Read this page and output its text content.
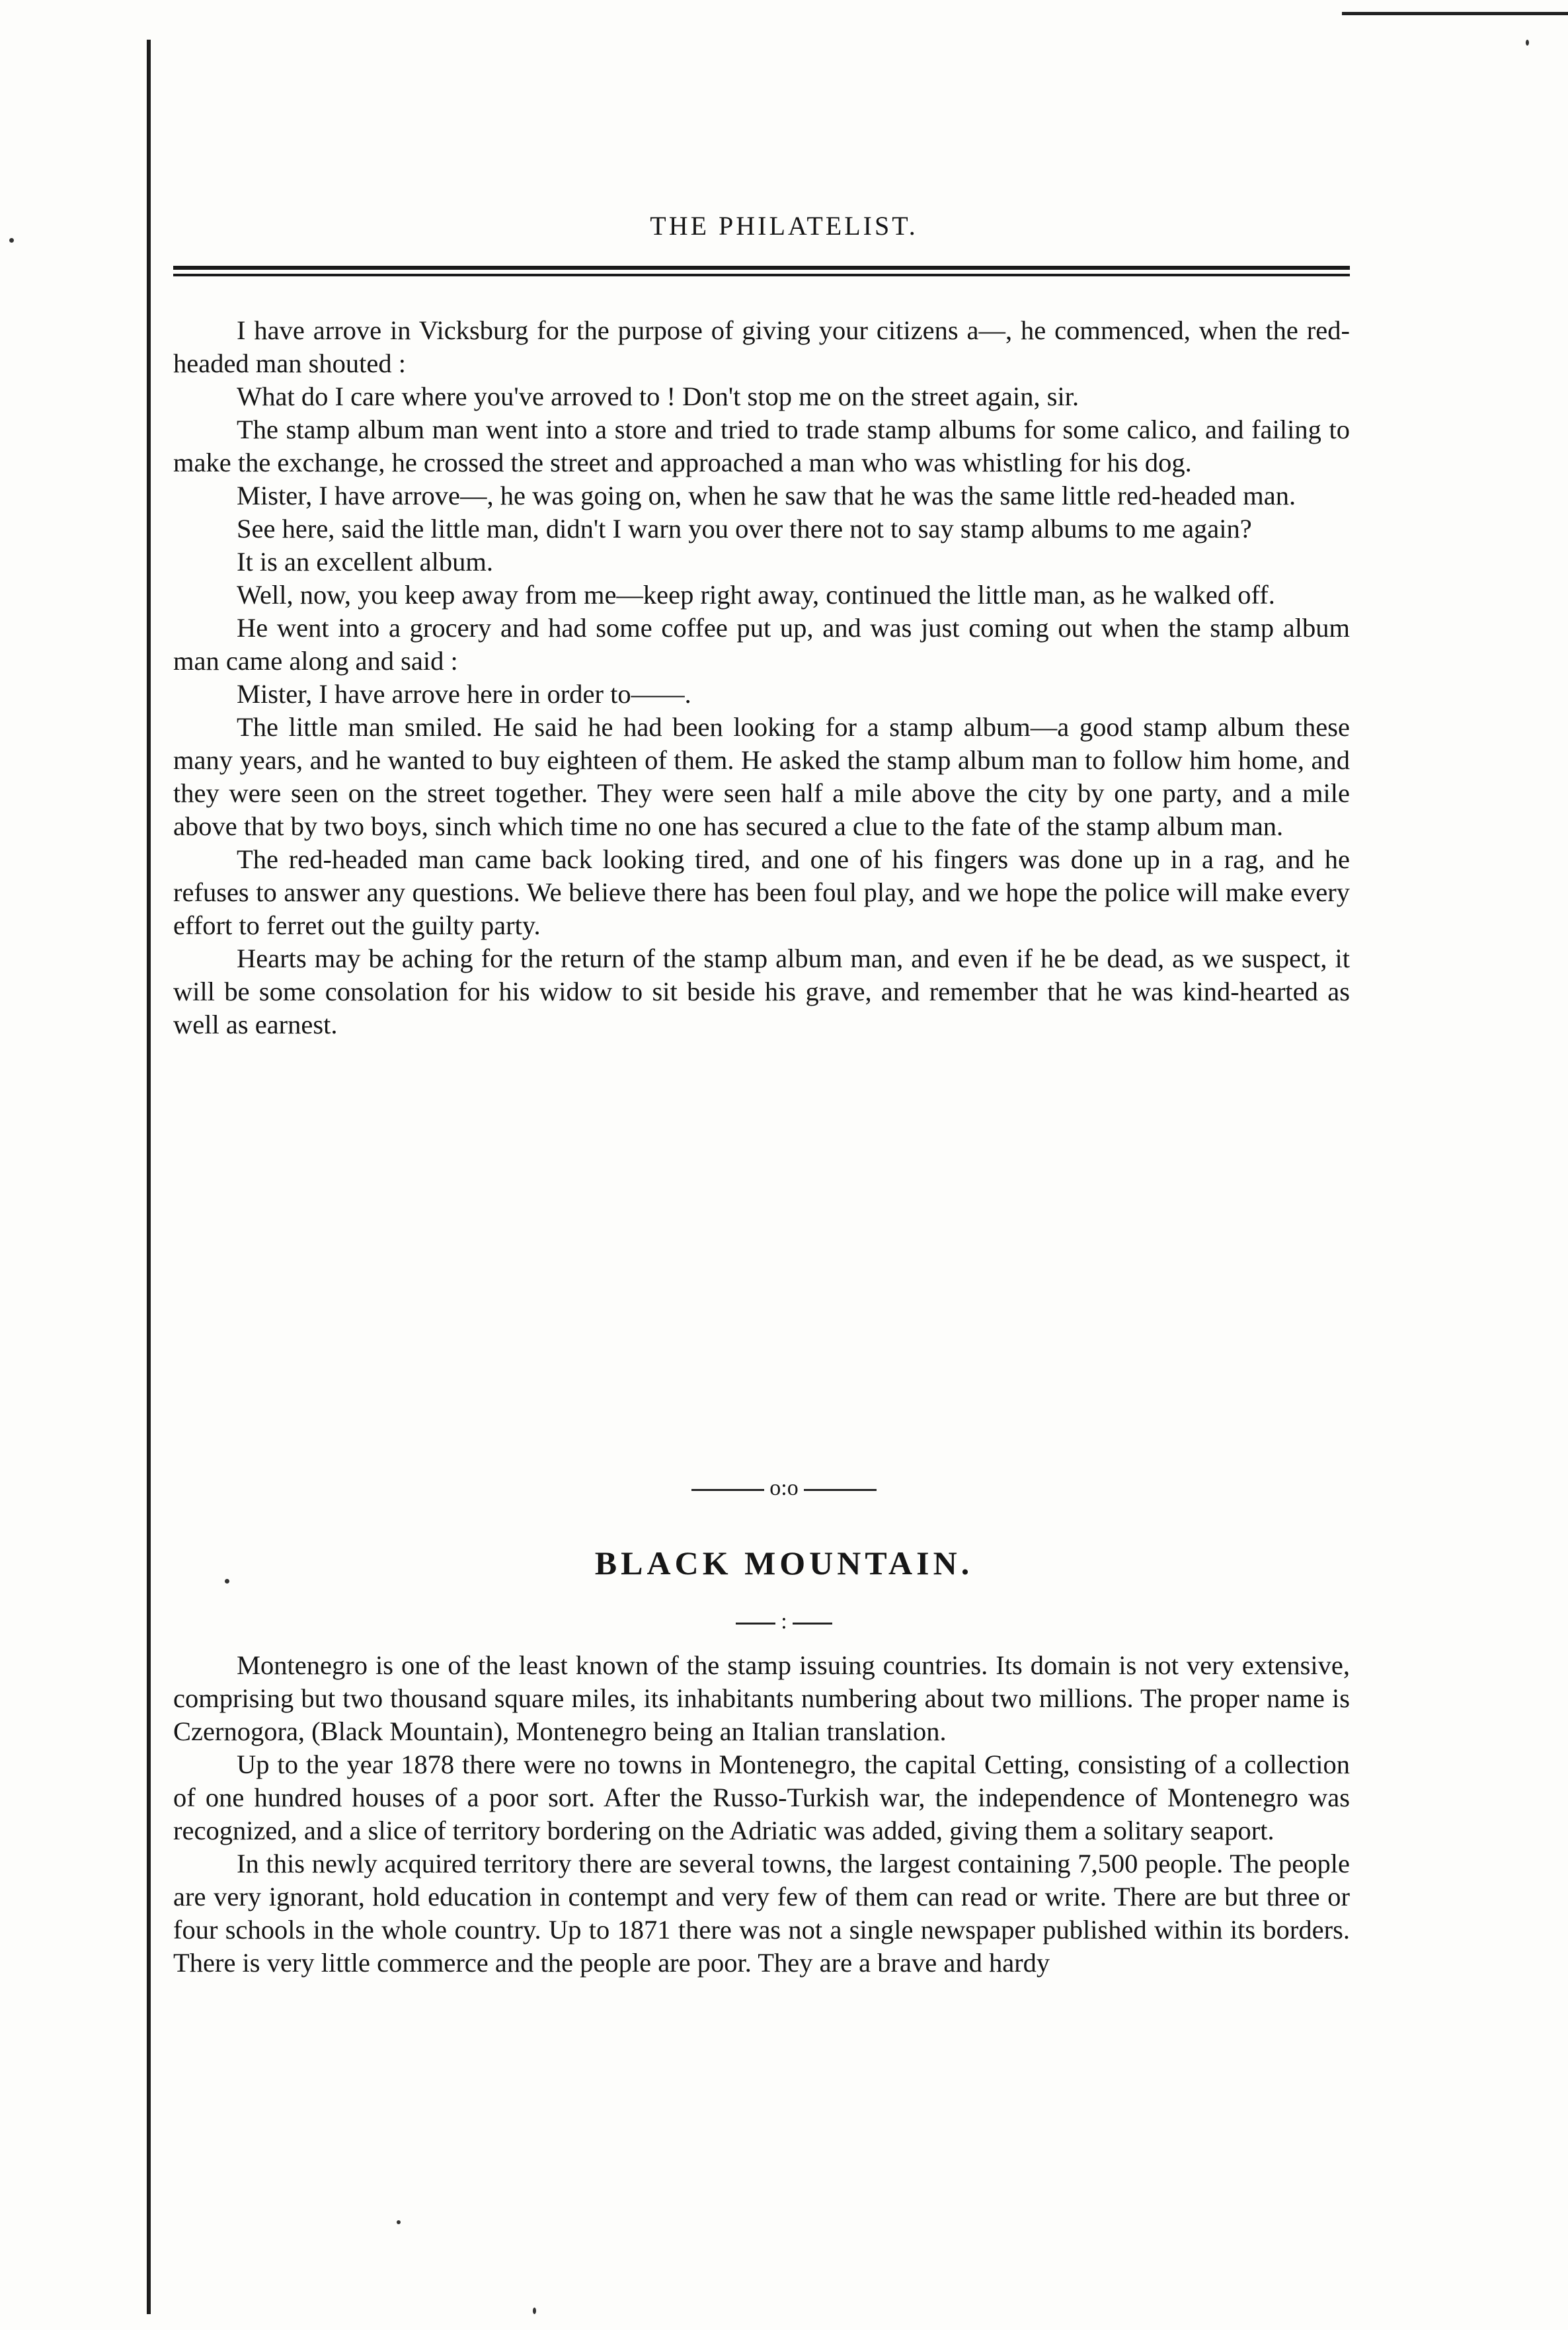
THE PHILATELIST.

I have arrove in Vicksburg for the purpose of giving your citizens a—, he commenced, when the red-headed man shouted :

What do I care where you've arroved to ! Don't stop me on the street again, sir.

The stamp album man went into a store and tried to trade stamp albums for some calico, and failing to make the exchange, he crossed the street and approached a man who was whistling for his dog.

Mister, I have arrove—, he was going on, when he saw that he was the same little red-headed man.

See here, said the little man, didn't I warn you over there not to say stamp albums to me again?

It is an excellent album.

Well, now, you keep away from me—keep right away, continued the little man, as he walked off.

He went into a grocery and had some coffee put up, and was just coming out when the stamp album man came along and said :

Mister, I have arrove here in order to——.

The little man smiled. He said he had been looking for a stamp album—a good stamp album these many years, and he wanted to buy eighteen of them. He asked the stamp album man to follow him home, and they were seen on the street together. They were seen half a mile above the city by one party, and a mile above that by two boys, sinch which time no one has secured a clue to the fate of the stamp album man.

The red-headed man came back looking tired, and one of his fingers was done up in a rag, and he refuses to answer any questions. We believe there has been foul play, and we hope the police will make every effort to ferret out the guilty party.

Hearts may be aching for the return of the stamp album man, and even if he be dead, as we suspect, it will be some consolation for his widow to sit beside his grave, and remember that he was kind-hearted as well as earnest.

o:o
BLACK MOUNTAIN.
:

Montenegro is one of the least known of the stamp issuing countries. Its domain is not very extensive, comprising but two thousand square miles, its inhabitants numbering about two millions. The proper name is Czernogora, (Black Mountain), Montenegro being an Italian translation.

Up to the year 1878 there were no towns in Montenegro, the capital Cetting, consisting of a collection of one hundred houses of a poor sort. After the Russo-Turkish war, the independence of Montenegro was recognized, and a slice of territory bordering on the Adriatic was added, giving them a solitary seaport.

In this newly acquired territory there are several towns, the largest containing 7,500 people. The people are very ignorant, hold education in contempt and very few of them can read or write. There are but three or four schools in the whole country. Up to 1871 there was not a single newspaper published within its borders. There is very little commerce and the people are poor. They are a brave and hardy
